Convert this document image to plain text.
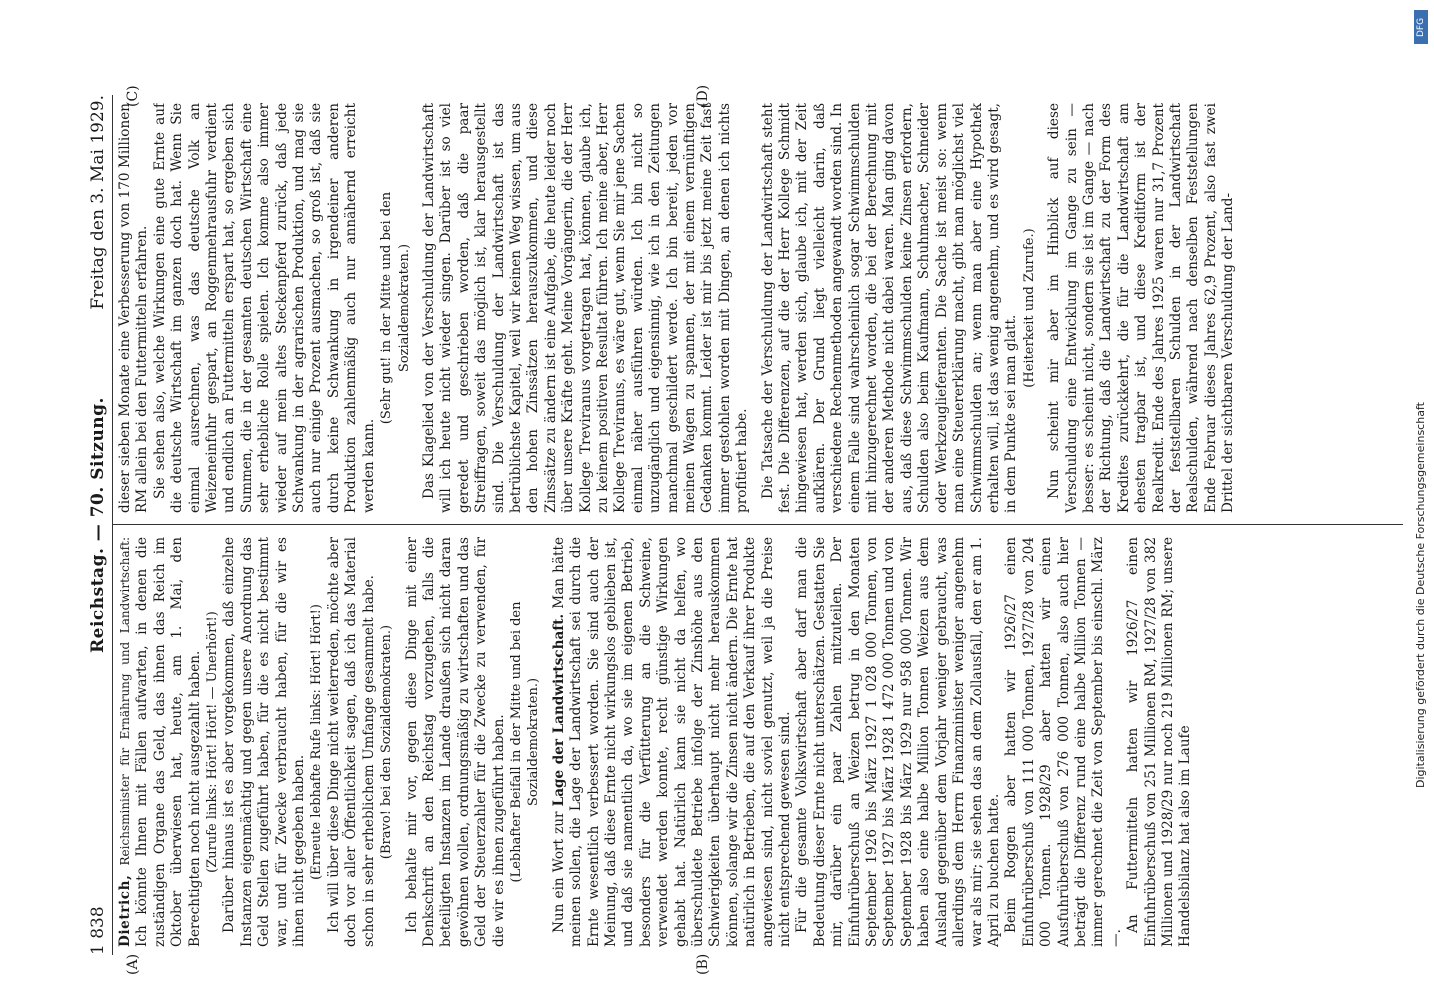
DFG
Digitalisierung gefördert durch die Deutsche Forschungsgemeinschaft
1 838
Reichstag. — 70. Sitzung.
Freitag den 3. Mai 1929.
(A)	(B)
(C)	(D)

Dietrich, Reichsminister für Ernährung und Landwirtschaft: Ich könnte Ihnen mit Fällen aufwarten, in denen die zuständigen Organe das Geld, das ihnen das Reich im Oktober überwiesen hat, heute, am 1. Mai, den Berechtigten noch nicht ausgezahlt haben. (Zurufe links: Hört! Hört! — Unerhört!) Darüber hinaus ist es aber vorgekommen, daß einzelne Instanzen eigenmächtig und gegen unsere Anordnung das Geld Stellen zugeführt haben, für die es nicht bestimmt war, und für Zwecke verbraucht haben, für die wir es ihnen nicht gegeben haben. (Erneute lebhafte Rufe links: Hört! Hört!) Ich will über diese Dinge nicht weiterreden, möchte aber doch vor aller Öffentlichkeit sagen, daß ich das Material schon in sehr erheblichem Umfange gesammelt habe. (Bravo! bei den Sozialdemokraten.) Ich behalte mir vor, gegen diese Dinge mit einer Denkschrift an den Reichstag vorzugehen, falls die beteiligten Instanzen im Lande draußen sich nicht daran gewöhnen wollen, ordnungsmäßig zu wirtschaften und das Geld der Steuerzahler für die Zwecke zu verwenden, für die wir es ihnen zugeführt haben. (Lebhafter Beifall in der Mitte und bei den Sozialdemokraten.)

Nun ein Wort zur Lage der Landwirtschaft. Man hätte meinen sollen, die Lage der Landwirtschaft sei durch die Ernte wesentlich verbessert worden. Sie sind auch der Meinung, daß diese Ernte nicht wirkungslos geblieben ist, und daß sie namentlich da, wo sie im eigenen Betrieb, besonders für die Verfütterung an die Schweine, verwendet werden konnte, recht günstige Wirkungen gehabt hat. Natürlich kann sie nicht da helfen, wo überschuldete Betriebe infolge der Zinshöhe aus den Schwierigkeiten überhaupt nicht mehr herauskommen können, solange wir die Zinsen nicht ändern. Die Ernte hat natürlich in Betrieben, die auf den Verkauf ihrer Produkte angewiesen sind, nicht soviel genutzt, weil ja die Preise nicht entsprechend gewesen sind. Für die gesamte Volkswirtschaft aber darf man die Bedeutung dieser Ernte nicht unterschätzen. Gestatten Sie mir, darüber ein paar Zahlen mitzuteilen. Der Einfuhrüberschuß an Weizen betrug in den Monaten September 1926 bis März 1927 1 028 000 Tonnen, von September 1927 bis März 1928 1 472 000 Tonnen und von September 1928 bis März 1929 nur 958 000 Tonnen. Wir haben also eine halbe Million Tonnen Weizen aus dem Ausland gegenüber dem Vorjahr weniger gebraucht, was allerdings dem Herrn Finanzminister weniger angenehm war als mir; sie sehen das an dem Zollausfall, den er am 1. April zu buchen hatte. Beim Roggen aber hatten wir 1926/27 einen Einfuhrüberschuß von 111 000 Tonnen, 1927/28 von 204 000 Tonnen. 1928/29 aber hatten wir einen Ausfuhrüberschuß von 276 000 Tonnen, also auch hier beträgt die Differenz rund eine halbe Million Tonnen — immer gerechnet die Zeit von September bis einschl. März —.

An Futtermitteln hatten wir 1926/27 einen Einfuhrüberschuß von 251 Millionen RM, 1927/28 von 382 Millionen und 1928/29 nur noch 219 Millionen RM; unsere Handelsbilanz hat also im Laufe

dieser sieben Monate eine Verbesserung von 170 Millionen RM allein bei den Futtermitteln erfahren. Sie sehen also, welche Wirkungen eine gute Ernte auf die deutsche Wirtschaft im ganzen doch hat. Wenn Sie einmal ausrechnen, was das deutsche Volk an Weizeneinfuhr gespart, an Roggenmehrausfuhr verdient und endlich an Futtermitteln erspart hat, so ergeben sich Summen, die in der gesamten deutschen Wirtschaft eine sehr erhebliche Rolle spielen. Ich komme also immer wieder auf mein altes Steckenpferd zurück, daß jede Schwankung in der agrarischen Produktion, und mag sie auch nur einige Prozent ausmachen, so groß ist, daß sie durch keine Schwankung in irgendeiner anderen Produktion zahlenmäßig auch nur annähernd erreicht werden kann.

(Sehr gut! in der Mitte und bei den Sozialdemokraten.) Das Klagelied von der Verschuldung der Landwirtschaft will ich heute nicht wieder singen. Darüber ist so viel geredet und geschrieben worden, daß die paar Streiffragen, soweit das möglich ist, klar herausgestellt sind. Die Verschuldung der Landwirtschaft ist das betrüblichste Kapitel, weil wir keinen Weg wissen, um aus den hohen Zinssätzen herauszukommen, und diese Zinssätze zu ändern ist eine Aufgabe, die heute leider noch über unsere Kräfte geht. Meine Vorgängerin, die der Herr Kollege Treviranus vorgetragen hat, können, glaube ich, zu keinem positiven Resultat führen. Ich meine aber, Herr Kollege Treviranus, es wäre gut, wenn Sie mir jene Sachen einmal näher ausführen würden. Ich bin nicht so unzugänglich und eigensinnig, wie ich in den Zeitungen manchmal geschildert werde. Ich bin bereit, jeden vor meinen Wagen zu spannen, der mit einem vernünftigen Gedanken kommt. Leider ist mir bis jetzt meine Zeit fast immer gestohlen worden mit Dingen, an denen ich nichts profitiert habe. Die Tatsache der Verschuldung der Landwirtschaft steht fest. Die Differenzen, auf die der Herr Kollege Schmidt hingewiesen hat, werden sich, glaube ich, mit der Zeit aufklären. Der Grund liegt vielleicht darin, daß verschiedene Rechenmethoden angewandt worden sind. In einem Falle sind wahrscheinlich sogar Schwimmschulden mit hinzugerechnet worden, die bei der Berechnung mit der anderen Methode nicht dabei waren. Man ging davon aus, daß diese Schwimmschulden keine Zinsen erfordern, Schulden also beim Kaufmann, Schuhmacher, Schneider oder Werkzeuglieferanten. Die Sache ist meist so: wenn man eine Steuererklärung macht, gibt man möglichst viel Schwimmschulden an; wenn man aber eine Hypothek erhalten will, ist das wenig angenehm, und es wird gesagt, in dem Punkte sei man glatt.

(Heiterkeit und Zurufe.) Nun scheint mir aber im Hinblick auf diese Verschuldung eine Entwicklung im Gange zu sein — besser: es scheint nicht, sondern sie ist im Gange — nach der Richtung, daß die Landwirtschaft zu der Form des Kredites zurückkehrt, die für die Landwirtschaft am ehesten tragbar ist, und diese Kreditform ist der Realkredit. Ende des Jahres 1925 waren nur 31,7 Prozent der feststellbaren Schulden in der Landwirtschaft Realschulden, während nach denselben Feststellungen Ende Februar dieses Jahres 62,9 Prozent, also fast zwei Drittel der sichtbaren Verschuldung der Land-
